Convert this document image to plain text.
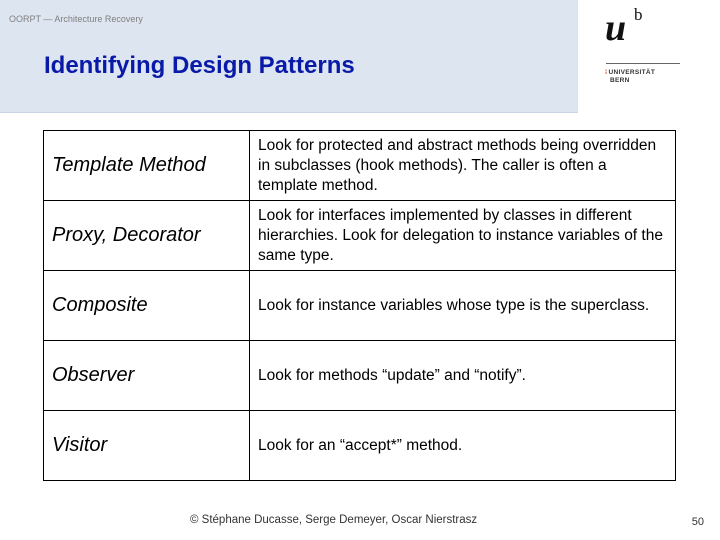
OORPT — Architecture Recovery
Identifying Design Patterns
u b
⁞UNIVERSITÄT
BERN
Template Method	Look for protected and abstract methods being overridden in subclasses (hook methods). The caller is often a template method.
Proxy, Decorator	Look for interfaces implemented by classes in different hierarchies. Look for delegation to instance variables of the same type.
Composite	Look for instance variables whose type is the superclass.
Observer	Look for methods “update” and “notify”.
Visitor	Look for an “accept*” method.
© Stéphane Ducasse, Serge Demeyer, Oscar Nierstrasz	50
